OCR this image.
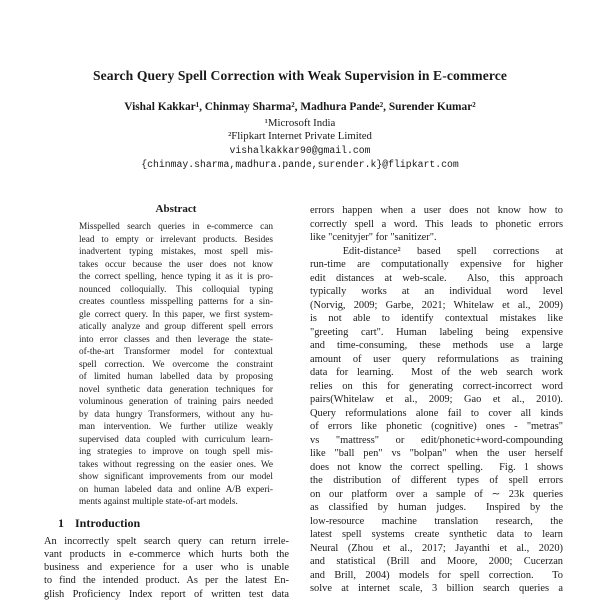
Search Query Spell Correction with Weak Supervision in E-commerce
Vishal Kakkar¹, Chinmay Sharma², Madhura Pande², Surender Kumar²
¹Microsoft India
²Flipkart Internet Private Limited
vishalkakkar90@gmail.com
{chinmay.sharma,madhura.pande,surender.k}@flipkart.com
Abstract
Misspelled search queries in e-commerce can
lead to empty or irrelevant products. Besides
inadvertent typing mistakes, most spell mis-
takes occur because the user does not know
the correct spelling, hence typing it as it is pro-
nounced colloquially. This colloquial typing
creates countless misspelling patterns for a sin-
gle correct query. In this paper, we first system-
atically analyze and group different spell errors
into error classes and then leverage the state-
of-the-art Transformer model for contextual
spell correction. We overcome the constraint
of limited human labelled data by proposing
novel synthetic data generation techniques for
voluminous generation of training pairs needed
by data hungry Transformers, without any hu-
man intervention. We further utilize weakly
supervised data coupled with curriculum learn-
ing strategies to improve on tough spell mis-
takes without regressing on the easier ones. We
show significant improvements from our model
on human labeled data and online A/B experi-
ments against multiple state-of-art models.
1 Introduction
An incorrectly spelt search query can return irrele-
vant products in e-commerce which hurts both the
business and experience for a user who is unable
to find the intended product. As per the latest En-
glish Proficiency Index report of written test data
errors happen when a user does not know how to
correctly spell a word. This leads to phonetic errors
like "cenityjer" for "sanitizer".
Edit-distance²  based  spell  corrections  at
run-time are computationally expensive for higher
edit distances at web-scale.  Also, this approach
typically  works  at  an  individual  word  level
(Norvig, 2009; Garbe, 2021; Whitelaw et al., 2009)
is not able to identify contextual mistakes like
"greeting cart". Human labeling being expensive
and time-consuming, these methods use a large
amount of user query reformulations as training
data for learning.  Most of the web search work
relies on this for generating correct-incorrect word
pairs(Whitelaw et al., 2009; Gao et al., 2010).
Query reformulations alone fail to cover all kinds
of errors like phonetic (cognitive) ones - "metras"
vs "mattress" or edit/phonetic+word-compounding
like "ball pen" vs "bolpan" when the user herself
does not know the correct spelling.  Fig. 1 shows
the distribution of different types of spell errors
on our platform over a sample of ∼ 23k queries
as classified by human judges.  Inspired by the
low-resource machine translation research, the
latest spell systems create synthetic data to learn
Neural (Zhou et al., 2017; Jayanthi et al., 2020)
and statistical (Brill and Moore, 2000; Cucerzan
and Brill, 2004) models for spell correction.  To
solve at internet scale, 3 billion search queries a
